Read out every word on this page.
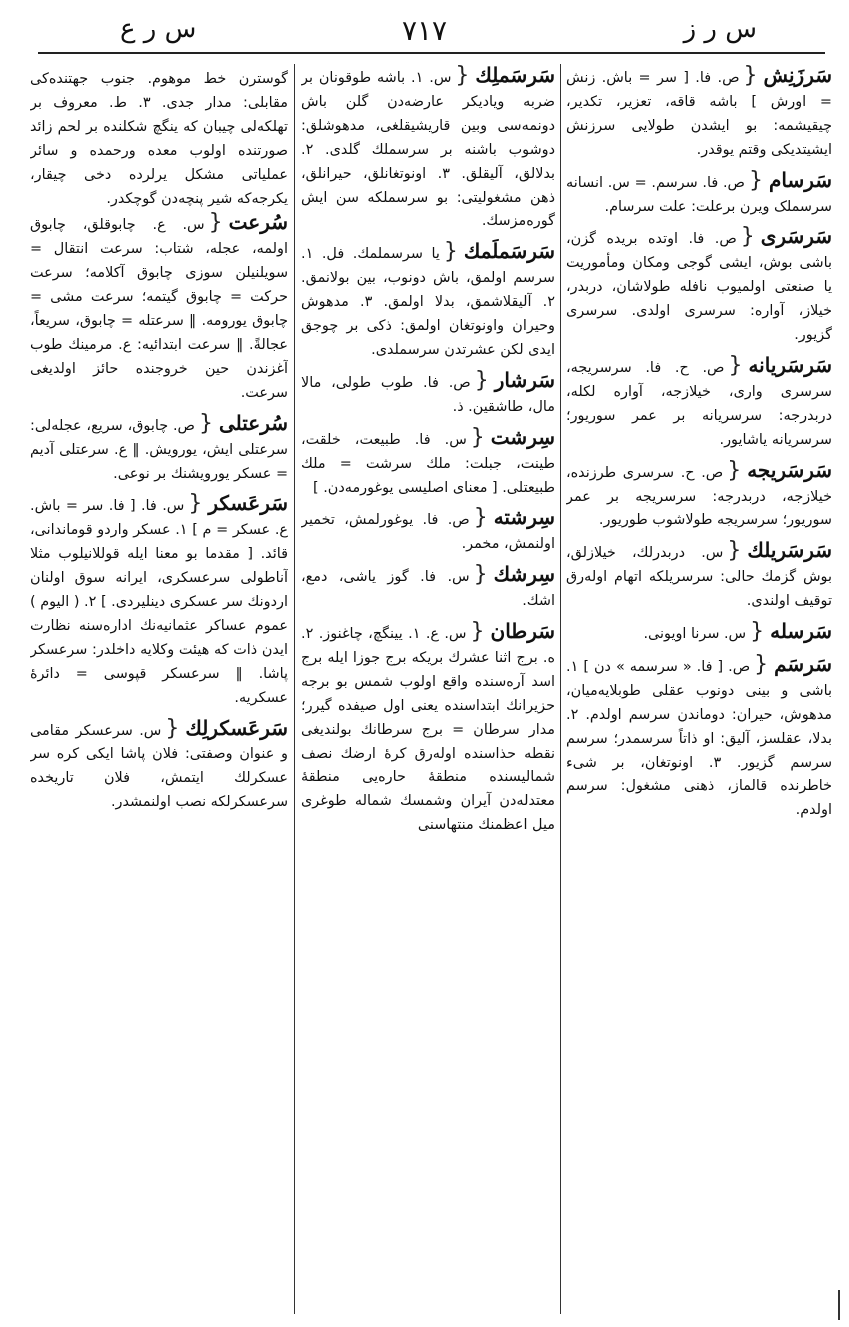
س ر ز
٧١٧
س ر ع
سَرزَنِش{ص. فا. [ سر = باش. زنش = اورش ] باشه قاقه، تعزیر، تکدیر، چیقیشمه: بو ایشدن طولایی سرزنش ایشیتدیکی وقتم یوقدر.
سَرسام{ص. فا. سرسم. = س. انسانه سرسملک ویرن برعلت: علت سرسام.
سَرسَری{ص. فا. اوتده بریده گزن، باشی بوش، ایشی گوجی ومکان ومأموریت یا صنعتی اولمیوب نافله طولاشان، دربدر، خیلاز، آواره: سرسری اولدی. سرسری گزیور.
سَرسَریانه{ص. ح. فا. سرسریجه، سرسری واری، خیلازجه، آواره لکله، دربدرجه: سرسریانه بر عمر سوریور؛ سرسریانه یاشایور.
سَرسَریجه{ص. ح. سرسری طرزنده، خیلازجه، دربدرجه: سرسریجه بر عمر سوریور؛ سرسریجه طولاشوب طوریور.
سَرسَریلك{س. دربدرلك، خیلازلق، بوش گزمك حالی: سرسریلکه اتهام اوله‌رق توقیف اولندی.
سَرسله{س. سرنا اویونی.
سَرسَم{ص. [ فا. « سرسمه » دن ] ١. باشی و بینی دونوب عقلی طوبلایه‌میان، مدهوش، حیران: دوماندن سرسم اولدم. ٢. بدلا، عقلسز، آلیق: او ذاتاً سرسمدر؛ سرسم سرسم گزیور. ٣. اونوتغان، بر شیء خاطرنده قالماز، ذهنی مشغول: سرسم اولدم.
سَرسَملِك{س. ١. باشه طوقونان بر ضربه ویادیکر عارضه‌دن گلن باش دونمه‌سی وبین قاریشیقلغی، مدهوشلق: دوشوب باشنه بر سرسملك گلدی. ٢. بدلالق، آلیقلق. ٣. اونوتغانلق، حیرانلق، ذهن مشغولیتی: بو سرسملکه سن ایش گوره‌مزسك.
سَرسَملَمك{یا سرسملمك. فل. ١. سرسم اولمق، باش دونوب، بین بولانمق. ٢. آلیقلاشمق، بدلا اولمق. ٣. مدهوش وحیران واونوتغان اولمق: ذکی بر چوجق ایدی لکن عشرتدن سرسملدی.
سَرشار{ص. فا. طوب طولی، مالا مال، طاشقین. ذ.
سِرشت{س. فا. طبیعت، خلقت، طینت، جبلت: ملك سرشت = ملك طبیعتلی. [ معنای اصلیسی یوغورمه‌دن. ]
سِرشته{ص. فا. یوغورلمش، تخمیر اولنمش، مخمر.
سِرشك{س. فا. گوز یاشی، دمع، اشك.
سَرطان{س. ع. ١. یینگچ، چاغنوز. ٢. ه. برج اثنا عشرك بریکه برج جوزا ایله برج اسد آره‌سنده واقع اولوب شمس بو برجه حزیرانك ابتداسنده یعنی اول صیفده گیرر؛ مدار سرطان = برج سرطانك بولندیغی نقطه حذاسنده اوله‌رق کرهٔ ارضك نصف شمالیسنده منطقهٔ حاره‌یی منطقهٔ معتدله‌دن آیران وشمسك شماله طوغری میل اعظمنك منتهاسنی
گوسترن خط موهوم. جنوب جهتنده‌کی مقابلی: مدار جدی. ٣. ط. معروف بر تهلکه‌لی چیبان که ینگچ شکلنده بر لحم زائد صورتنده اولوب معده ورحمده و سائر عملیاتی مشکل یرلرده دخی چیقار، یکرجه‌که شیر پنچه‌دن گوچکدر.
سُرعت{س. ع. چابوقلق، چابوق اولمه، عجله، شتاب: سرعت انتقال = سویلنیلن سوزی چابوق آکلامه؛ سرعت حرکت = چابوق گیتمه؛ سرعت مشی = چابوق یورومه. ‖ سرعتله = چابوق، سریعاً، عجالةً. ‖ سرعت ابتدائیه: ع. مرمینك طوب آغزندن حین خروجنده حائز اولدیغی سرعت.
سُرعتلی{ص. چابوق، سریع، عجله‌لی: سرعتلی ایش، یورویش. ‖ ع. سرعتلی آدیم = عسکر یورویشنك بر نوعی.
سَرعَسکر{س. فا. [ فا. سر = باش. ع. عسکر = م ] ١. عسکر واردو قوماندانی، قائد. [ مقدما بو معنا ایله قوللانیلوب مثلا آناطولی سرعسکری، ایرانه سوق اولنان اردونك سر عسکری دینلیردی. ] ٢. ( الیوم ) عموم عساکر عثمانیه‌نك اداره‌سنه نظارت ایدن ذات که هیئت وکلایه داخلدر: سرعسکر پاشا. ‖ سرعسکر قپوسی = دائرهٔ عسکریه.
سَرعَسکرلِك{س. سرعسکر مقامی و عنوان وصفتی: فلان پاشا ایکی کره سر عسکرلك ایتمش، فلان تاریخده سرعسکرلکه نصب اولنمشدر.
